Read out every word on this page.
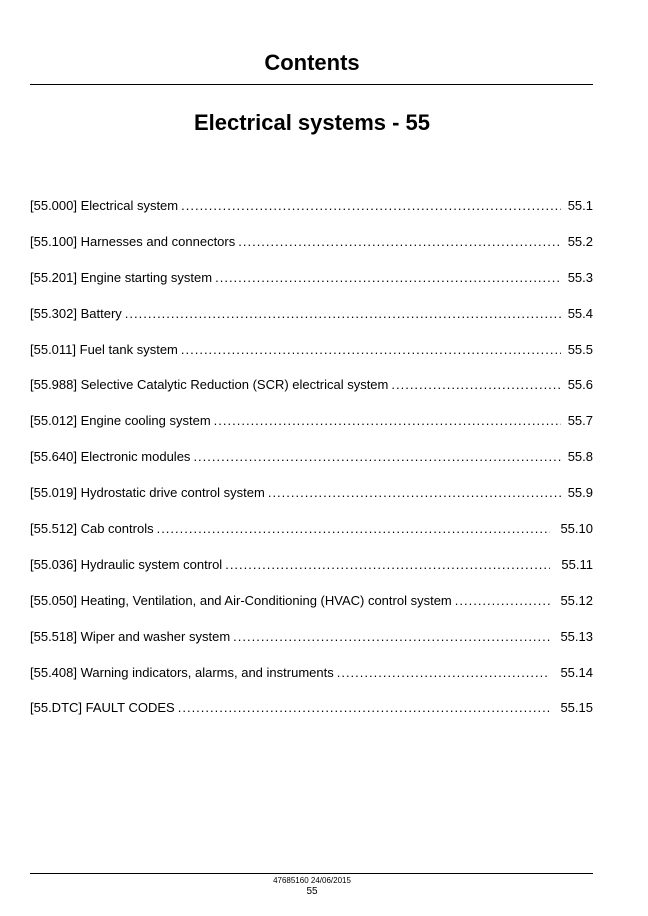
Contents
Electrical systems - 55
[55.000] Electrical system .....	55.1
[55.100] Harnesses and connectors .....	55.2
[55.201] Engine starting system .....	55.3
[55.302] Battery .....	55.4
[55.011] Fuel tank system .....	55.5
[55.988] Selective Catalytic Reduction (SCR) electrical system .....	55.6
[55.012] Engine cooling system .....	55.7
[55.640] Electronic modules .....	55.8
[55.019] Hydrostatic drive control system .....	55.9
[55.512] Cab controls .....	55.10
[55.036] Hydraulic system control .....	55.11
[55.050] Heating, Ventilation, and Air-Conditioning (HVAC) control system .....	55.12
[55.518] Wiper and washer system .....	55.13
[55.408] Warning indicators, alarms, and instruments .....	55.14
[55.DTC] FAULT CODES .....	55.15
47685160 24/06/2015
55
